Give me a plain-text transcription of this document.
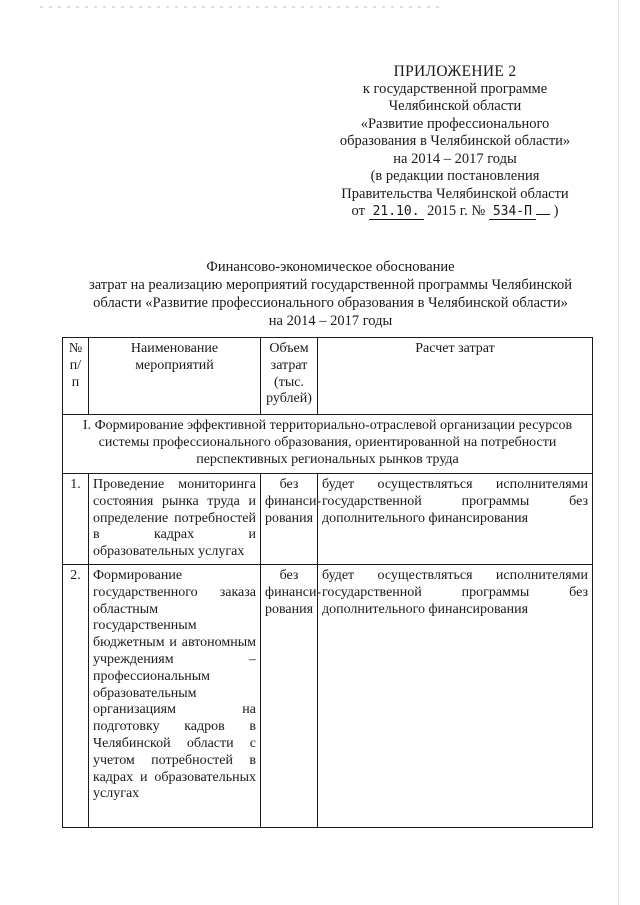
ПРИЛОЖЕНИЕ 2
к государственной программе
Челябинской области
«Развитие профессионального
образования в Челябинской области»
на 2014 – 2017 годы
(в редакции постановления
Правительства Челябинской области
от 21.10. 2015 г. № 534-П )
Финансово-экономическое обоснование
затрат на реализацию мероприятий государственной программы Челябинской
области «Развитие профессионального образования в Челябинской области»
на 2014 – 2017 годы
№ п/п	Наименование мероприятий	Объем затрат (тыс. рублей)	Расчет затрат
I. Формирование эффективной территориально-отраслевой организации ресурсов системы профессионального образования, ориентированной на потребности перспективных региональных рынков труда			
1.	Проведение мониторинга состояния рынка труда и определение потребностей в кадрах и образовательных услугах	без финанси-рования	будет осуществляться исполнителями государственной программы без дополнительного финансирования
2.	Формирование государственного заказа областным государственным бюджетным и автономным учреждениям – профессиональным образовательным организациям на подготовку кадров в Челябинской области с учетом потребностей в кадрах и образовательных услугах	без финанси-рования	будет осуществляться исполнителями государственной программы без дополнительного финансирования
